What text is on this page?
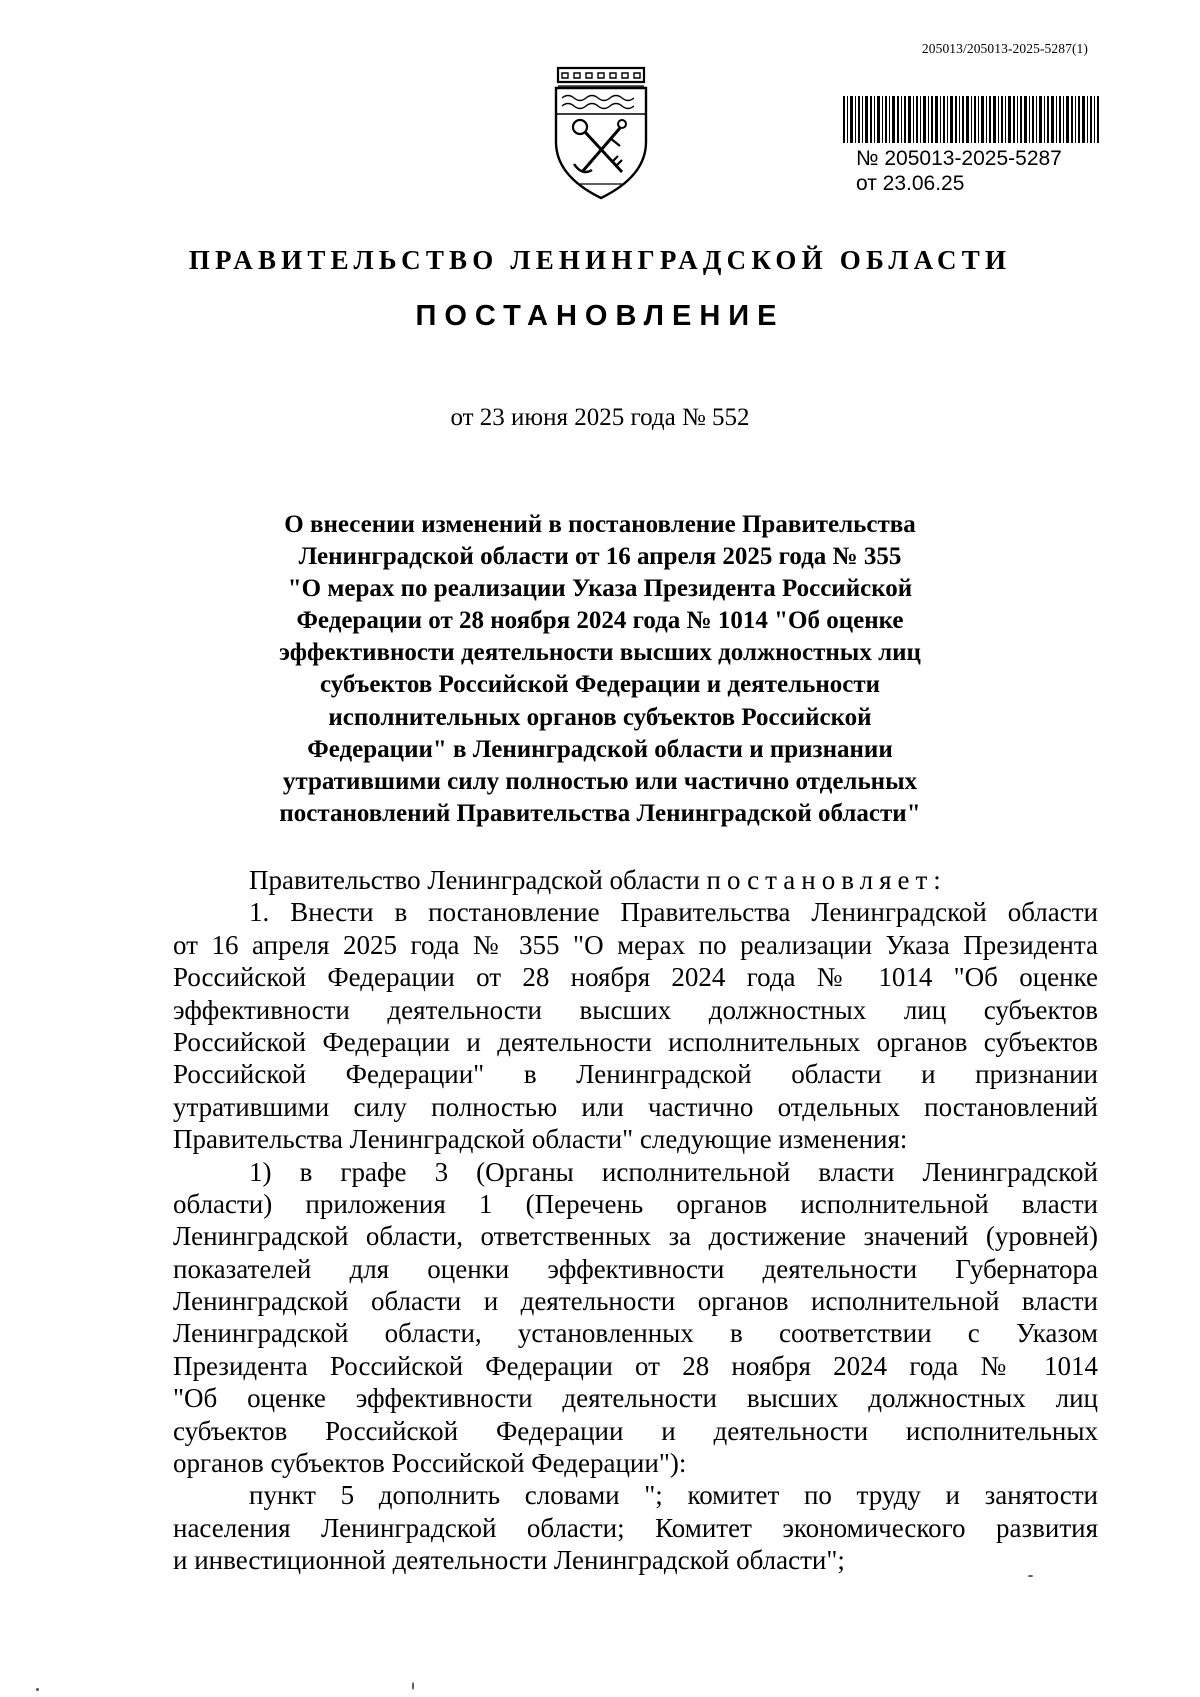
205013/205013-2025-5287(1)
№ 205013-2025-5287
от 23.06.25
ПРАВИТЕЛЬСТВО ЛЕНИНГРАДСКОЙ ОБЛАСТИ
ПОСТАНОВЛЕНИЕ
от 23 июня 2025 года № 552
О внесении изменений в постановление Правительства
Ленинградской области от 16 апреля 2025 года № 355
"О мерах по реализации Указа Президента Российской
Федерации от 28 ноября 2024 года № 1014 "Об оценке
эффективности деятельности высших должностных лиц
субъектов Российской Федерации и деятельности
исполнительных органов субъектов Российской
Федерации" в Ленинградской области и признании
утратившими силу полностью или частично отдельных
постановлений Правительства Ленинградской области"
Правительство Ленинградской области постановляет:
1. Внести в постановление Правительства Ленинградской области
от 16 апреля 2025 года № 355 "О мерах по реализации Указа Президента
Российской Федерации от 28 ноября 2024 года № 1014 "Об оценке
эффективности деятельности высших должностных лиц субъектов
Российской Федерации и деятельности исполнительных органов субъектов
Российской Федерации" в Ленинградской области и признании
утратившими силу полностью или частично отдельных постановлений
Правительства Ленинградской области" следующие изменения:
1) в графе 3 (Органы исполнительной власти Ленинградской
области) приложения 1 (Перечень органов исполнительной власти
Ленинградской области, ответственных за достижение значений (уровней)
показателей для оценки эффективности деятельности Губернатора
Ленинградской области и деятельности органов исполнительной власти
Ленинградской области, установленных в соответствии с Указом
Президента Российской Федерации от 28 ноября 2024 года № 1014
"Об оценке эффективности деятельности высших должностных лиц
субъектов Российской Федерации и деятельности исполнительных
органов субъектов Российской Федерации"):
пункт 5 дополнить словами "; комитет по труду и занятости
населения Ленинградской области; Комитет экономического развития
и инвестиционной деятельности Ленинградской области";
